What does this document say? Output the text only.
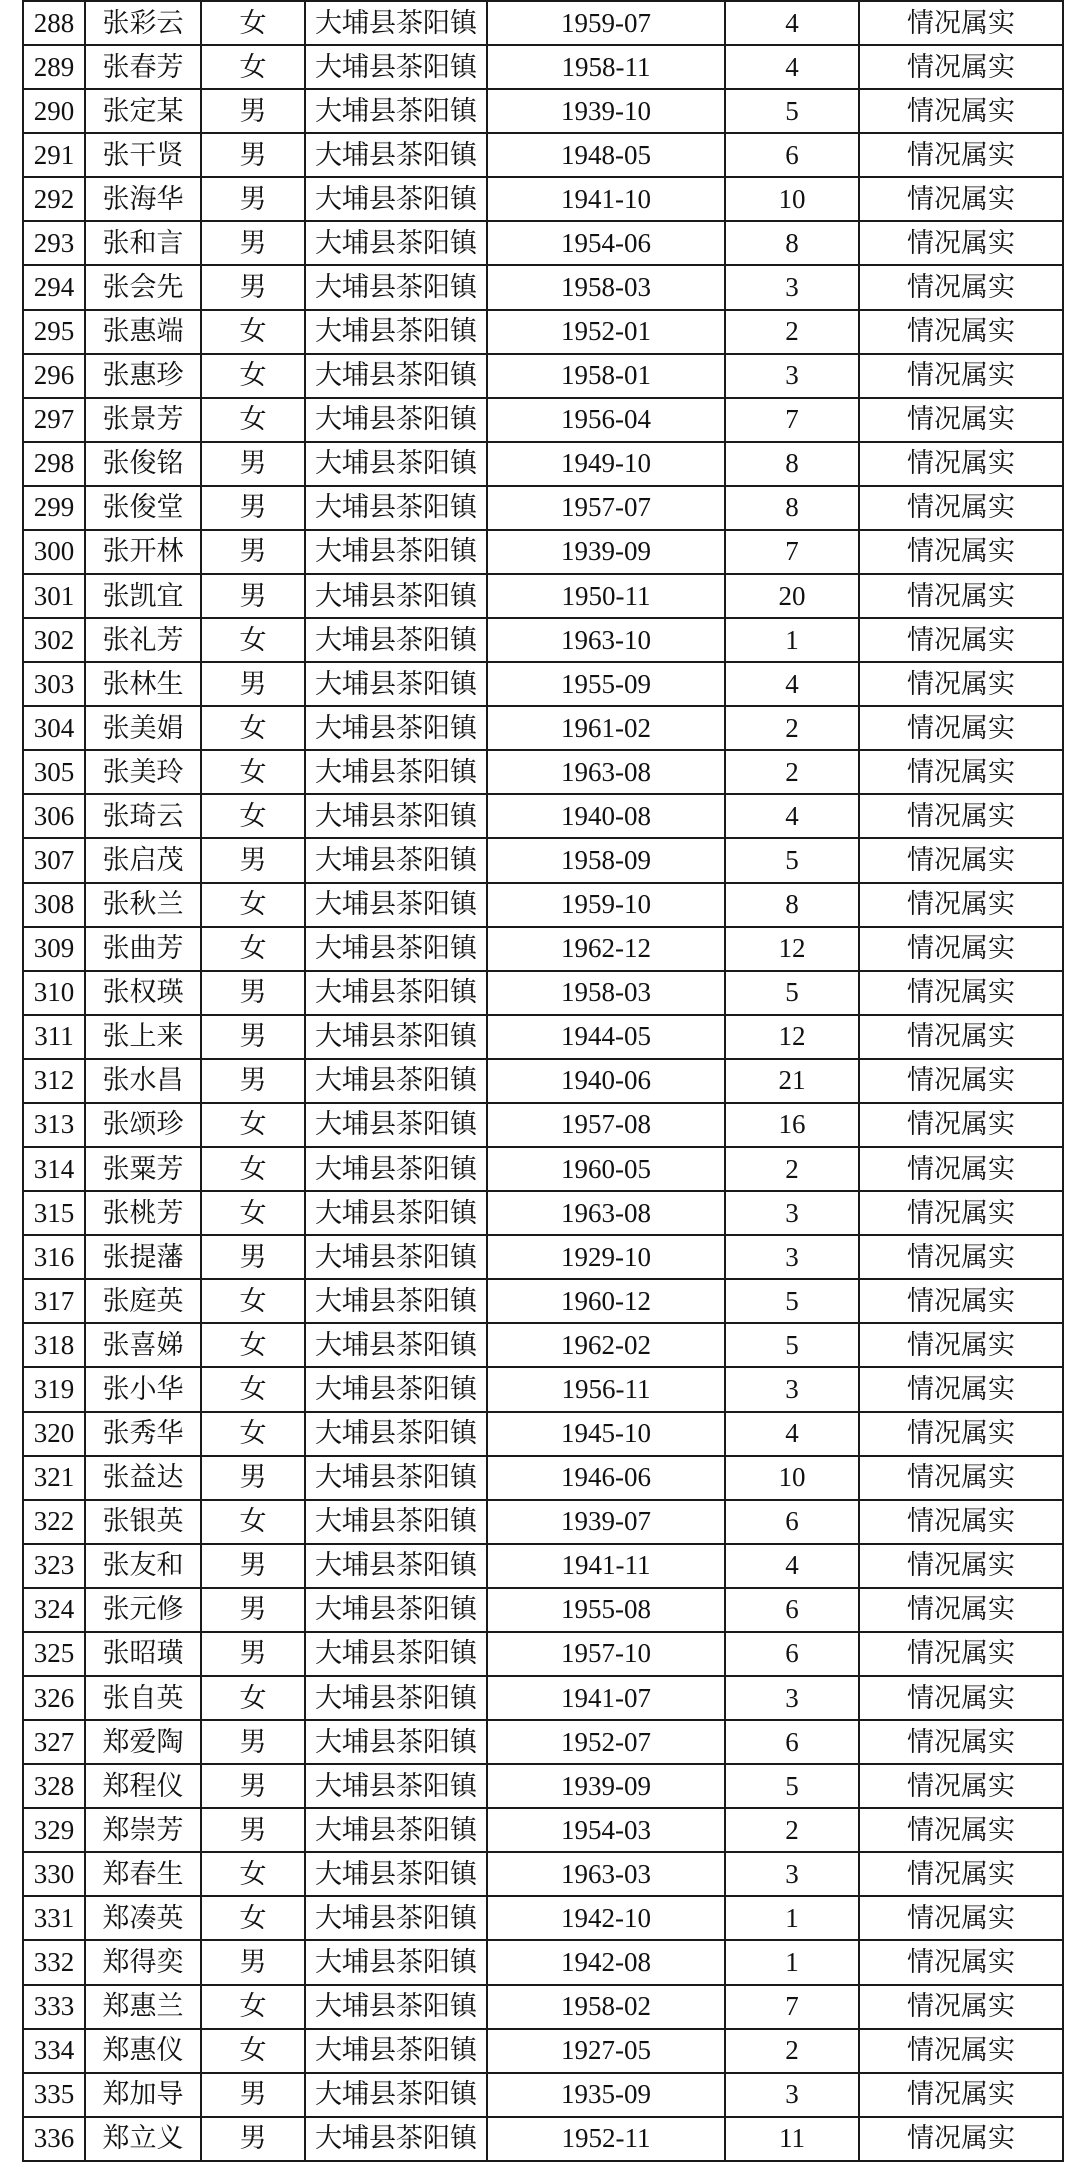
288	张彩云	女	大埔县茶阳镇	1959-07	4	情况属实
289	张春芳	女	大埔县茶阳镇	1958-11	4	情况属实
290	张定某	男	大埔县茶阳镇	1939-10	5	情况属实
291	张干贤	男	大埔县茶阳镇	1948-05	6	情况属实
292	张海华	男	大埔县茶阳镇	1941-10	10	情况属实
293	张和言	男	大埔县茶阳镇	1954-06	8	情况属实
294	张会先	男	大埔县茶阳镇	1958-03	3	情况属实
295	张惠端	女	大埔县茶阳镇	1952-01	2	情况属实
296	张惠珍	女	大埔县茶阳镇	1958-01	3	情况属实
297	张景芳	女	大埔县茶阳镇	1956-04	7	情况属实
298	张俊铭	男	大埔县茶阳镇	1949-10	8	情况属实
299	张俊堂	男	大埔县茶阳镇	1957-07	8	情况属实
300	张开林	男	大埔县茶阳镇	1939-09	7	情况属实
301	张凯宜	男	大埔县茶阳镇	1950-11	20	情况属实
302	张礼芳	女	大埔县茶阳镇	1963-10	1	情况属实
303	张林生	男	大埔县茶阳镇	1955-09	4	情况属实
304	张美娟	女	大埔县茶阳镇	1961-02	2	情况属实
305	张美玲	女	大埔县茶阳镇	1963-08	2	情况属实
306	张琦云	女	大埔县茶阳镇	1940-08	4	情况属实
307	张启茂	男	大埔县茶阳镇	1958-09	5	情况属实
308	张秋兰	女	大埔县茶阳镇	1959-10	8	情况属实
309	张曲芳	女	大埔县茶阳镇	1962-12	12	情况属实
310	张权瑛	男	大埔县茶阳镇	1958-03	5	情况属实
311	张上来	男	大埔县茶阳镇	1944-05	12	情况属实
312	张水昌	男	大埔县茶阳镇	1940-06	21	情况属实
313	张颂珍	女	大埔县茶阳镇	1957-08	16	情况属实
314	张粟芳	女	大埔县茶阳镇	1960-05	2	情况属实
315	张桃芳	女	大埔县茶阳镇	1963-08	3	情况属实
316	张提藩	男	大埔县茶阳镇	1929-10	3	情况属实
317	张庭英	女	大埔县茶阳镇	1960-12	5	情况属实
318	张喜娣	女	大埔县茶阳镇	1962-02	5	情况属实
319	张小华	女	大埔县茶阳镇	1956-11	3	情况属实
320	张秀华	女	大埔县茶阳镇	1945-10	4	情况属实
321	张益达	男	大埔县茶阳镇	1946-06	10	情况属实
322	张银英	女	大埔县茶阳镇	1939-07	6	情况属实
323	张友和	男	大埔县茶阳镇	1941-11	4	情况属实
324	张元修	男	大埔县茶阳镇	1955-08	6	情况属实
325	张昭璜	男	大埔县茶阳镇	1957-10	6	情况属实
326	张自英	女	大埔县茶阳镇	1941-07	3	情况属实
327	郑爱陶	男	大埔县茶阳镇	1952-07	6	情况属实
328	郑程仪	男	大埔县茶阳镇	1939-09	5	情况属实
329	郑崇芳	男	大埔县茶阳镇	1954-03	2	情况属实
330	郑春生	女	大埔县茶阳镇	1963-03	3	情况属实
331	郑凑英	女	大埔县茶阳镇	1942-10	1	情况属实
332	郑得奕	男	大埔县茶阳镇	1942-08	1	情况属实
333	郑惠兰	女	大埔县茶阳镇	1958-02	7	情况属实
334	郑惠仪	女	大埔县茶阳镇	1927-05	2	情况属实
335	郑加导	男	大埔县茶阳镇	1935-09	3	情况属实
336	郑立义	男	大埔县茶阳镇	1952-11	11	情况属实
